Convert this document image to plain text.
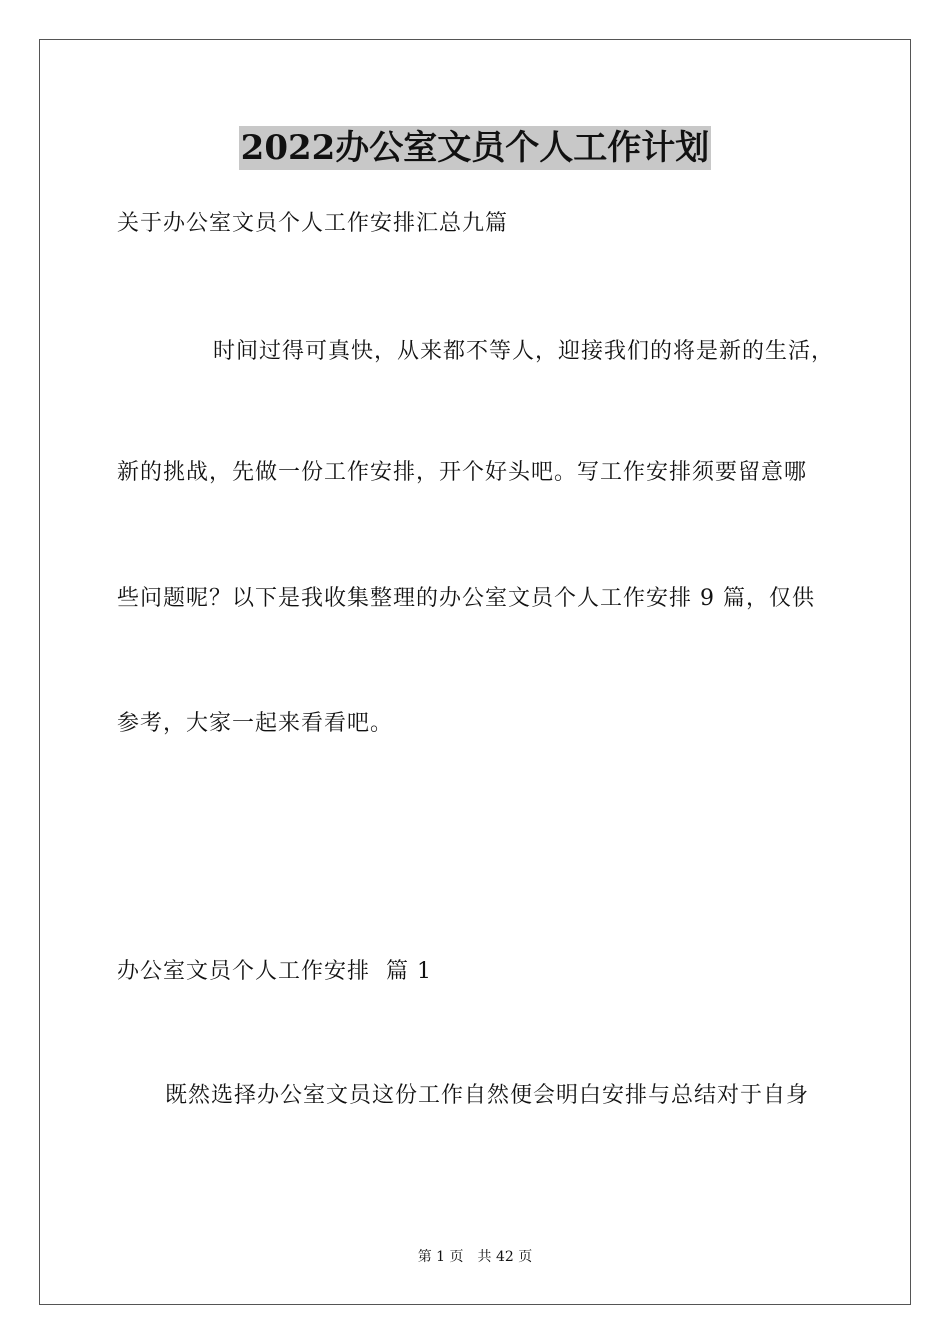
2022办公室文员个人工作计划
关于办公室文员个人工作安排汇总九篇
时间过得可真快，从来都不等人，迎接我们的将是新的生活，
新的挑战，先做一份工作安排，开个好头吧。写工作安排须要留意哪
些问题呢？以下是我收集整理的办公室文员个人工作安排 9 篇，仅供
参考，大家一起来看看吧。
办公室文员个人工作安排  篇 1
既然选择办公室文员这份工作自然便会明白安排与总结对于自身
第 1 页 共 42 页
